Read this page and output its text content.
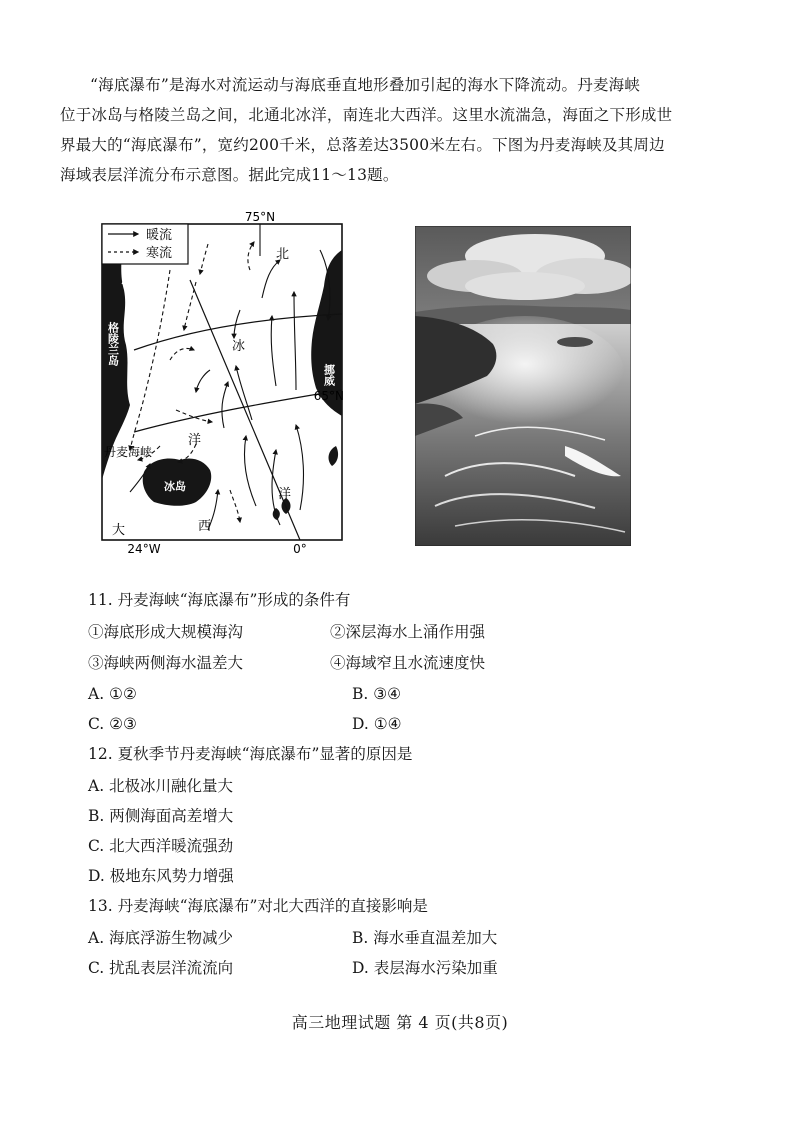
“海底瀑布”是海水对流运动与海底垂直地形叠加引起的海水下降流动。丹麦海峡
位于冰岛与格陵兰岛之间，北通北冰洋，南连北大西洋。这里水流湍急，海面之下形成世
界最大的“海底瀑布”，宽约200千米，总落差达3500米左右。下图为丹麦海峡及其周边
海域表层洋流分布示意图。据此完成11～13题。
暖流
寒流
75°N
65°N
24°W	0°
格陵兰岛
挪威
冰岛
丹麦海峡
北
冰
洋
大	西
洋
11. 丹麦海峡“海底瀑布”形成的条件有
①海底形成大规模海沟	②深层海水上涌作用强
③海峡两侧海水温差大	④海域窄且水流速度快
A. ①②	B. ③④
C. ②③	D. ①④
12. 夏秋季节丹麦海峡“海底瀑布”显著的原因是
A. 北极冰川融化量大
B. 两侧海面高差增大
C. 北大西洋暖流强劲
D. 极地东风势力增强
13. 丹麦海峡“海底瀑布”对北大西洋的直接影响是
A. 海底浮游生物减少	B. 海水垂直温差加大
C. 扰乱表层洋流流向	D. 表层海水污染加重
高三地理试题 第 4 页(共8页)
